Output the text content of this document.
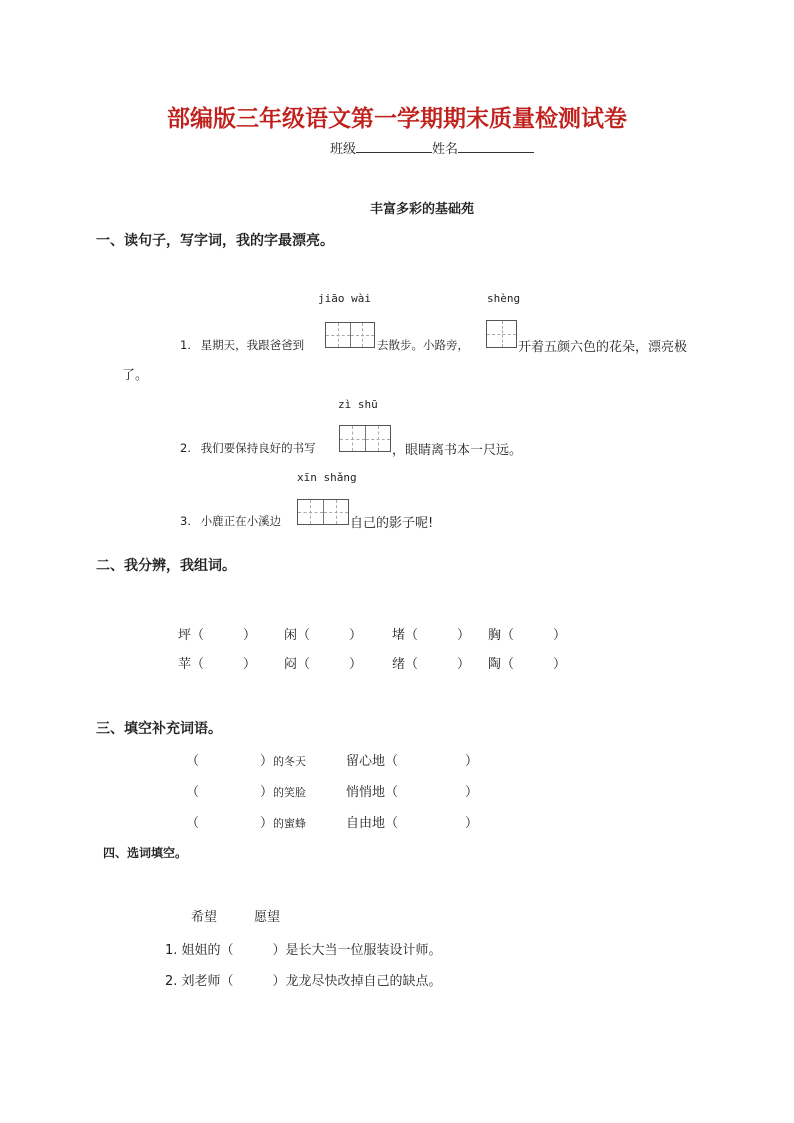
部编版三年级语文第一学期期末质量检测试卷
班级	姓名
丰富多彩的基础苑
一、读句子，写字词，我的字最漂亮。
jiāo wài	shèng
1. 星期天，我跟爸爸到	去散步。小路旁，	开着五颜六色的花朵，漂亮极
了。
zì shū
2. 我们要保持良好的书写	，眼睛离书本一尺远。
xīn shǎng
3. 小鹿正在小溪边	自己的影子呢!
二、我分辨，我组词。
坪（　　　） 闲（　　　） 堵（　　　） 胸（　　　）
苹（　　　） 闷（　　　） 绪（　　　） 陶（　　　）
三、填空补充词语。
（	）的冬天	留心地（	）
（	）的笑脸	悄悄地（	）
（	）的蜜蜂	自由地（	）
四、选词填空。
希望	愿望
1. 姐姐的（　　　）是长大当一位服装设计师。
2. 刘老师（　　　）龙龙尽快改掉自己的缺点。
